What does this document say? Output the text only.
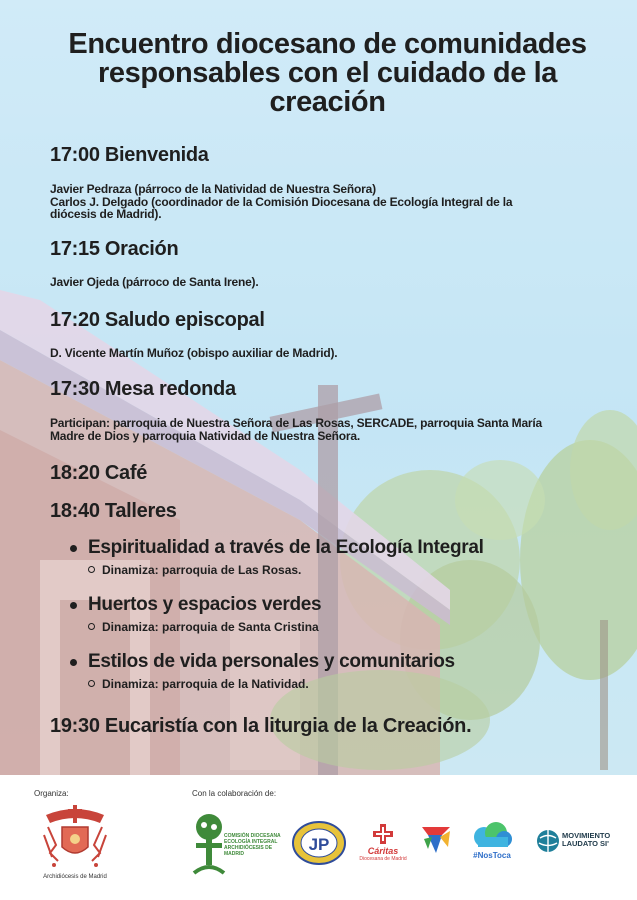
Encuentro diocesano de comunidades
responsables con el cuidado de la
creación
17:00 Bienvenida
Javier Pedraza (párroco de la Natividad de Nuestra Señora)
Carlos J. Delgado (coordinador de la Comisión Diocesana de Ecología Integral de la
diócesis de Madrid).
17:15 Oración
Javier Ojeda (párroco de Santa Irene).
17:20 Saludo episcopal
D. Vicente Martín Muñoz (obispo auxiliar de Madrid).
17:30 Mesa redonda
Participan: parroquia de Nuestra Señora de Las Rosas, SERCADE, parroquia Santa María
Madre de Dios y parroquia Natividad de Nuestra Señora.
18:20 Café
18:40 Talleres
19:30 Eucaristía con la liturgia de la Creación.
Espiritualidad a través de la Ecología Integral
Dinamiza: parroquia de Las Rosas.
Huertos y espacios verdes
Dinamiza: parroquia de Santa Cristina
Estilos de vida personales y comunitarios
Dinamiza: parroquia de la Natividad.
Organiza:	Con la colaboración de:
Archidiócesis de Madrid
COMISIÓN DIOCESANA
ECOLOGÍA INTEGRAL
ARCHIDIÓCESIS DE MADRID	JP	Cáritas
Diocesana de Madrid	#NosToca
MOVIMIENTO
LAUDATO SI'
